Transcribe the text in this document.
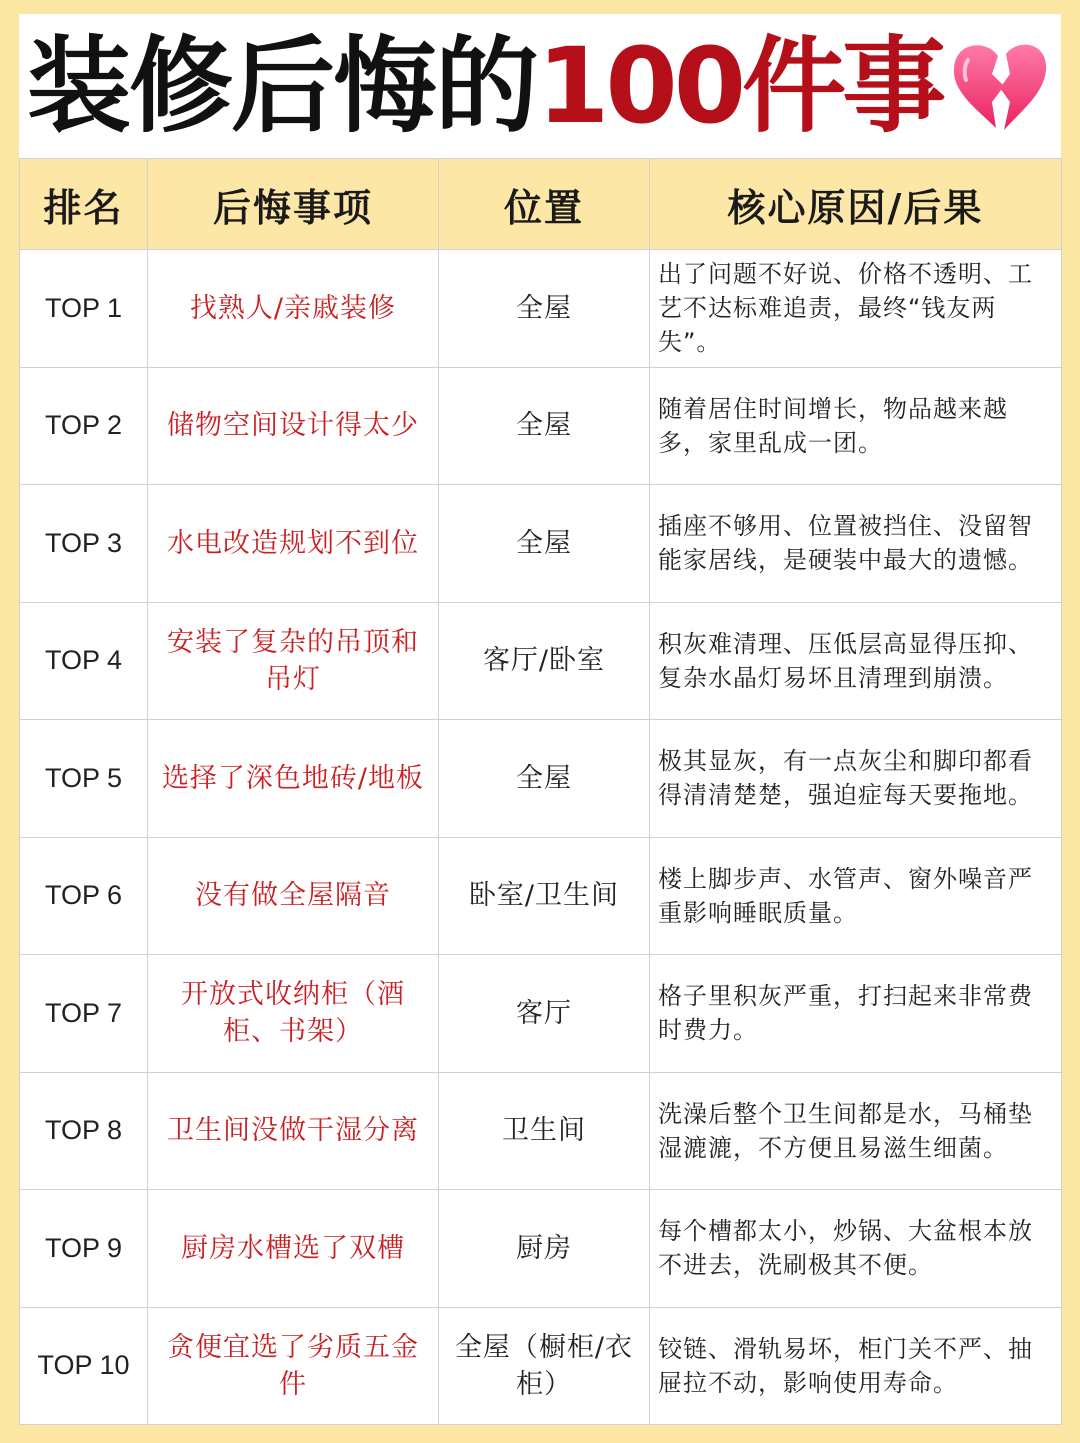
装修后悔的 100件事
排名	后悔事项	位置	核心原因/后果
TOP 1	找熟人/亲戚装修	全屋	出了问题不好说、价格不透明、工艺不达标难追责，最终“钱友两失”。
TOP 2	储物空间设计得太少	全屋	随着居住时间增长，物品越来越多，家里乱成一团。
TOP 3	水电改造规划不到位	全屋	插座不够用、位置被挡住、没留智能家居线，是硬装中最大的遗憾。
TOP 4	安装了复杂的吊顶和吊灯	客厅/卧室	积灰难清理、压低层高显得压抑、复杂水晶灯易坏且清理到崩溃。
TOP 5	选择了深色地砖/地板	全屋	极其显灰，有一点灰尘和脚印都看得清清楚楚，强迫症每天要拖地。
TOP 6	没有做全屋隔音	卧室/卫生间	楼上脚步声、水管声、窗外噪音严重影响睡眠质量。
TOP 7	开放式收纳柜（酒柜、书架）	客厅	格子里积灰严重，打扫起来非常费时费力。
TOP 8	卫生间没做干湿分离	卫生间	洗澡后整个卫生间都是水，马桶垫湿漉漉，不方便且易滋生细菌。
TOP 9	厨房水槽选了双槽	厨房	每个槽都太小，炒锅、大盆根本放不进去，洗刷极其不便。
TOP 10	贪便宜选了劣质五金件	全屋（橱柜/衣柜）	铰链、滑轨易坏，柜门关不严、抽屉拉不动，影响使用寿命。
